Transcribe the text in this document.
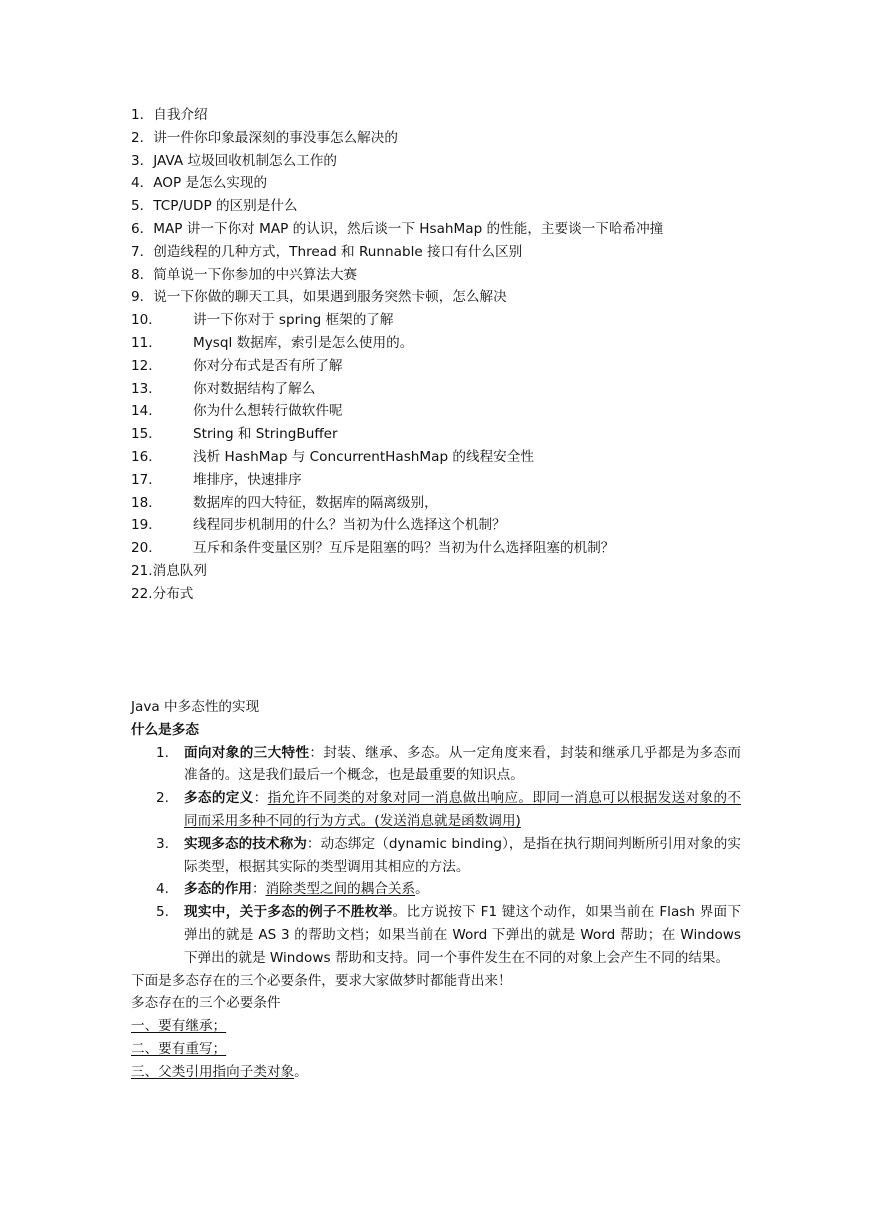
1．自我介绍
2．讲一件你印象最深刻的事没事怎么解决的
3．JAVA 垃圾回收机制怎么工作的
4．AOP 是怎么实现的
5．TCP/UDP 的区别是什么
6．MAP 讲一下你对 MAP 的认识，然后谈一下 HsahMap 的性能，主要谈一下哈希冲撞
7．创造线程的几种方式，Thread 和 Runnable 接口有什么区别
8．简单说一下你参加的中兴算法大赛
9．说一下你做的聊天工具，如果遇到服务突然卡顿，怎么解决
10． 讲一下你对于 spring 框架的了解
11． Mysql 数据库，索引是怎么使用的。
12． 你对分布式是否有所了解
13． 你对数据结构了解么
14． 你为什么想转行做软件呢
15． String 和 StringBuffer
16． 浅析 HashMap 与 ConcurrentHashMap 的线程安全性
17． 堆排序，快速排序
18． 数据库的四大特征，数据库的隔离级别，
19． 线程同步机制用的什么？当初为什么选择这个机制？
20． 互斥和条件变量区别？互斥是阻塞的吗？当初为什么选择阻塞的机制？
21.消息队列
22.分布式
Java 中多态性的实现
什么是多态
1. 面向对象的三大特性：封装、继承、多态。从一定角度来看，封装和继承几乎都是为多态而准备的。这是我们最后一个概念，也是最重要的知识点。
2. 多态的定义：指允许不同类的对象对同一消息做出响应。即同一消息可以根据发送对象的不同而采用多种不同的行为方式。(发送消息就是函数调用)
3. 实现多态的技术称为：动态绑定（dynamic binding），是指在执行期间判断所引用对象的实际类型，根据其实际的类型调用其相应的方法。
4. 多态的作用：消除类型之间的耦合关系。
5. 现实中，关于多态的例子不胜枚举。比方说按下 F1 键这个动作，如果当前在 Flash 界面下弹出的就是 AS 3 的帮助文档；如果当前在 Word 下弹出的就是 Word 帮助；在 Windows 下弹出的就是 Windows 帮助和支持。同一个事件发生在不同的对象上会产生不同的结果。
下面是多态存在的三个必要条件，要求大家做梦时都能背出来！
多态存在的三个必要条件
一、要有继承；
二、要有重写；
三、父类引用指向子类对象。
